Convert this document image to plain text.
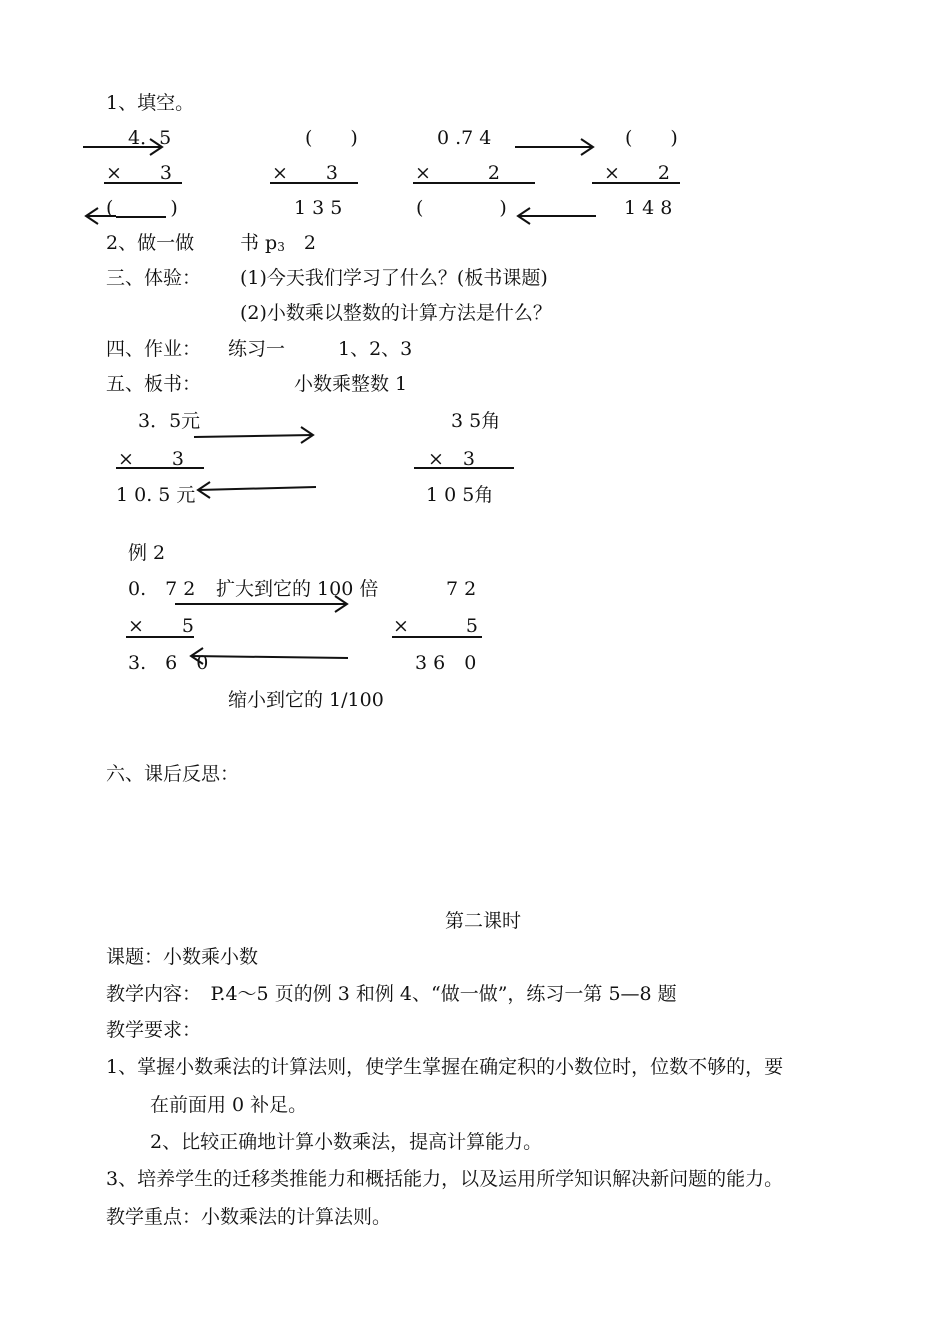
1、填空。
4．5
×　　3
(　　　)
(　　)
×　　3
1 3 5
0 .7 4
×　　　2
(　　　　)
(　　)
×　　2
1 4 8
2、做一做 书 p3　 2
三、体验： (1)今天我们学习了什么？(板书课题)
(2)小数乘以整数的计算方法是什么？
四、作业： 练习一	1、2、3
五、板书：	小数乘整数 1
3．5元
×　　3
1 0. 5 元
3 5角
×　3
1 0 5角
例 2
0.　7 2 扩大到它的 100 倍	7 2
×　　5	×　　　5
3.　6　0	3 6　0
缩小到它的 1/100
六、课后反思：
第二课时
课题：小数乘小数
教学内容：　P.4～5 页的例 3 和例 4、“做一做”，练习一第 5—8 题
教学要求：
1、掌握小数乘法的计算法则，使学生掌握在确定积的小数位时，位数不够的，要
在前面用 0 补足。
2、比较正确地计算小数乘法，提高计算能力。
3、培养学生的迁移类推能力和概括能力，以及运用所学知识解决新问题的能力。
教学重点：小数乘法的计算法则。
